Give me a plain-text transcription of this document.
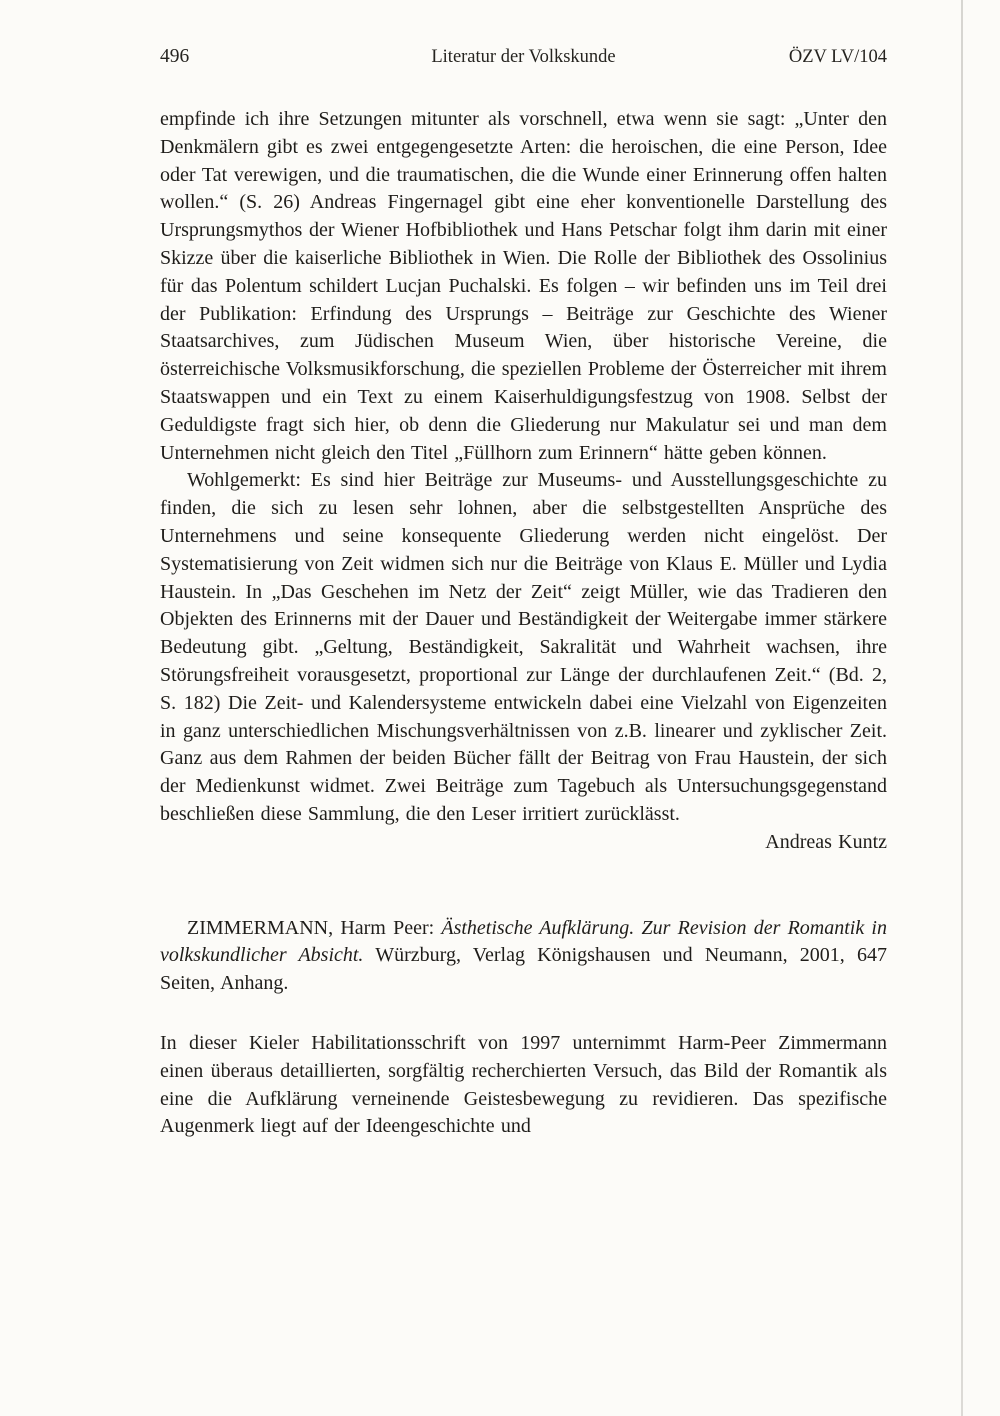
496	Literatur der Volkskunde	ÖZV LV/104

empfinde ich ihre Setzungen mitunter als vorschnell, etwa wenn sie sagt: „Unter den Denkmälern gibt es zwei entgegengesetzte Arten: die heroischen, die eine Person, Idee oder Tat verewigen, und die traumatischen, die die Wunde einer Erinnerung offen halten wollen.“ (S. 26) Andreas Fingernagel gibt eine eher konventionelle Darstellung des Ursprungsmythos der Wiener Hofbibliothek und Hans Petschar folgt ihm darin mit einer Skizze über die kaiserliche Bibliothek in Wien. Die Rolle der Bibliothek des Ossolinius für das Polentum schildert Lucjan Puchalski. Es folgen – wir befinden uns im Teil drei der Publikation: Erfindung des Ursprungs – Beiträge zur Geschichte des Wiener Staatsarchives, zum Jüdischen Museum Wien, über historische Vereine, die österreichische Volksmusikforschung, die speziellen Probleme der Österreicher mit ihrem Staatswappen und ein Text zu einem Kaiserhuldigungsfestzug von 1908. Selbst der Geduldigste fragt sich hier, ob denn die Gliederung nur Makulatur sei und man dem Unternehmen nicht gleich den Titel „Füllhorn zum Erinnern“ hätte geben können.

Wohlgemerkt: Es sind hier Beiträge zur Museums- und Ausstellungsgeschichte zu finden, die sich zu lesen sehr lohnen, aber die selbstgestellten Ansprüche des Unternehmens und seine konsequente Gliederung werden nicht eingelöst. Der Systematisierung von Zeit widmen sich nur die Beiträge von Klaus E. Müller und Lydia Haustein. In „Das Geschehen im Netz der Zeit“ zeigt Müller, wie das Tradieren den Objekten des Erinnerns mit der Dauer und Beständigkeit der Weitergabe immer stärkere Bedeutung gibt. „Geltung, Beständigkeit, Sakralität und Wahrheit wachsen, ihre Störungsfreiheit vorausgesetzt, proportional zur Länge der durchlaufenen Zeit.“ (Bd. 2, S. 182) Die Zeit- und Kalendersysteme entwickeln dabei eine Vielzahl von Eigenzeiten in ganz unterschiedlichen Mischungsverhältnissen von z.B. linearer und zyklischer Zeit. Ganz aus dem Rahmen der beiden Bücher fällt der Beitrag von Frau Haustein, der sich der Medienkunst widmet. Zwei Beiträge zum Tagebuch als Untersuchungsgegenstand beschließen diese Sammlung, die den Leser irritiert zurücklässt.

Andreas Kuntz

ZIMMERMANN, Harm Peer: Ästhetische Aufklärung. Zur Revision der Romantik in volkskundlicher Absicht. Würzburg, Verlag Königshausen und Neumann, 2001, 647 Seiten, Anhang.

In dieser Kieler Habilitationsschrift von 1997 unternimmt Harm-Peer Zimmermann einen überaus detaillierten, sorgfältig recherchierten Versuch, das Bild der Romantik als eine die Aufklärung verneinende Geistesbewegung zu revidieren. Das spezifische Augenmerk liegt auf der Ideengeschichte und
